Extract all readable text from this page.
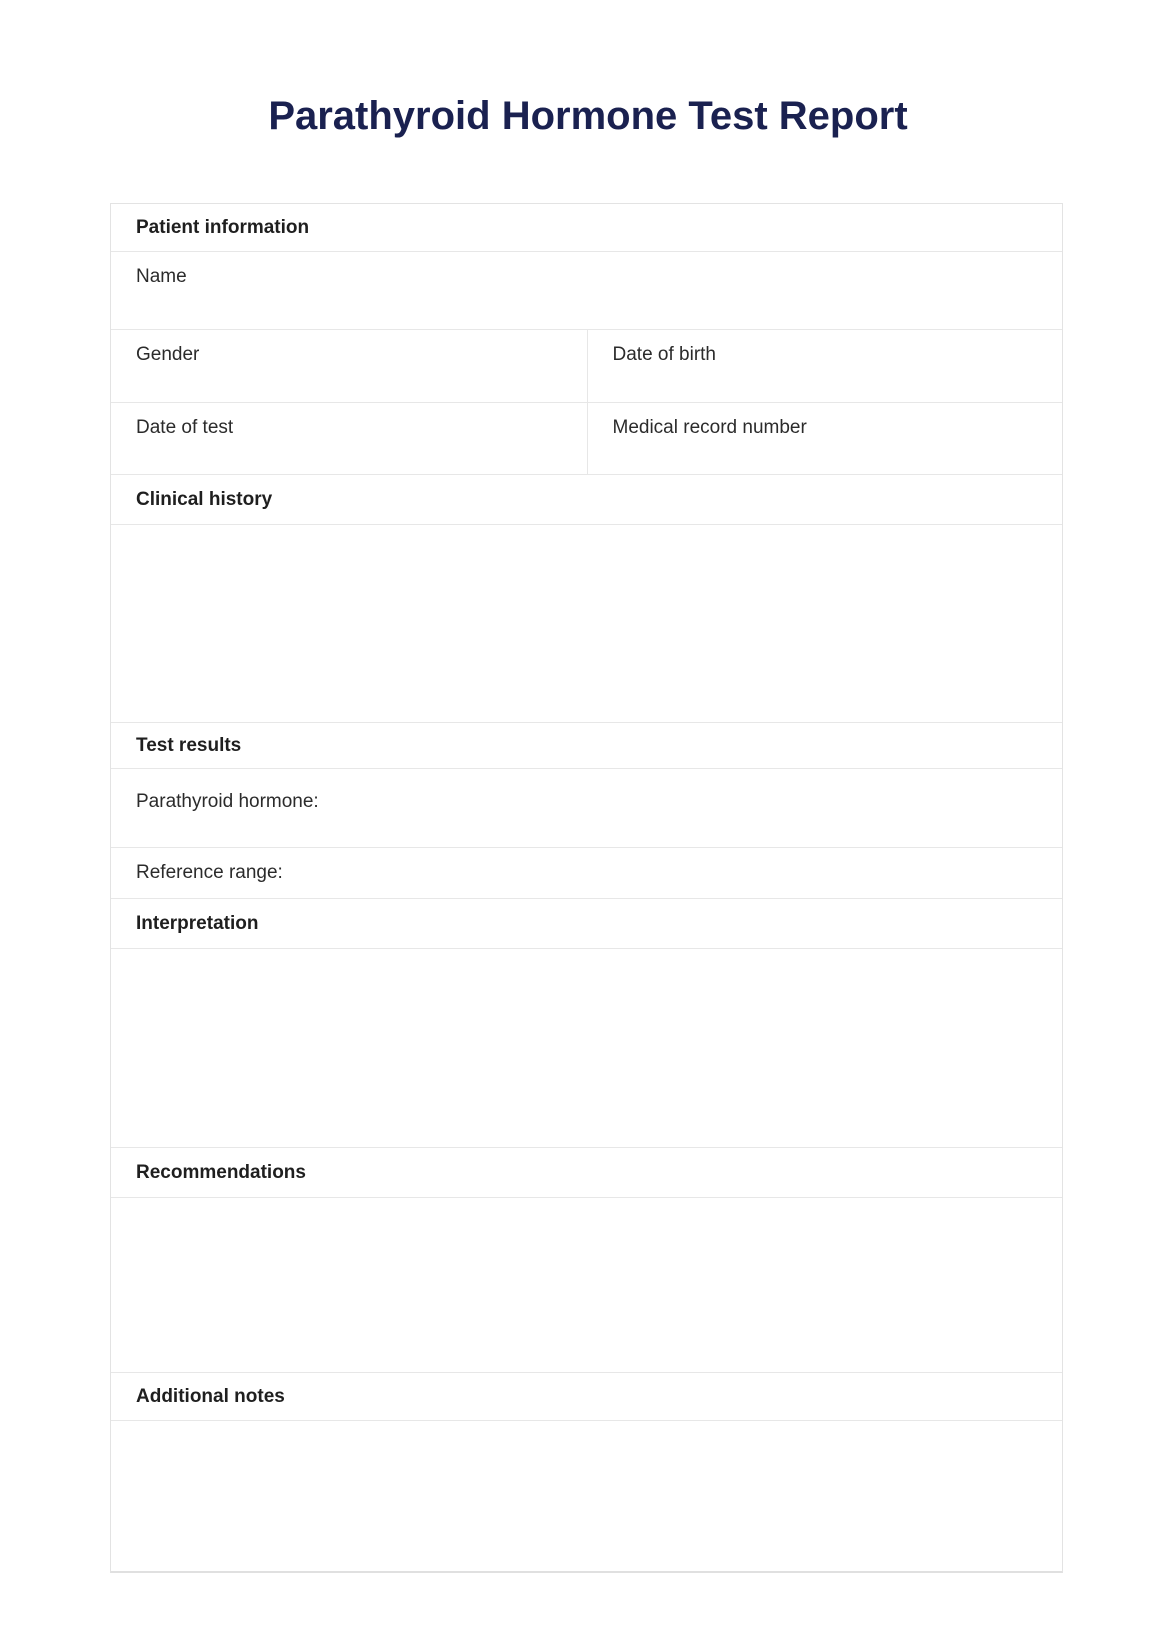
Parathyroid Hormone Test Report
Patient information
Name
Gender	Date of birth
Date of test	Medical record number
Clinical history
Test results
Parathyroid hormone:
Reference range:
Interpretation
Recommendations
Additional notes
